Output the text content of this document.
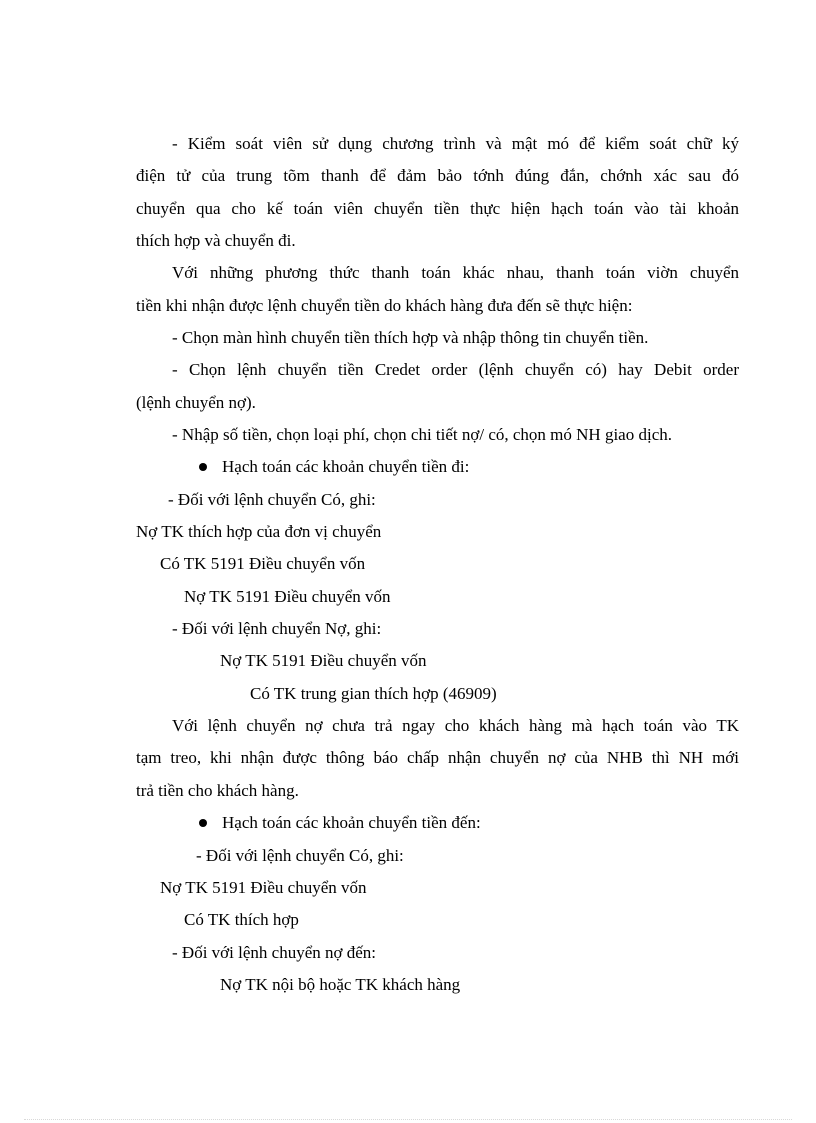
- Kiểm soát viên sử dụng chương trình và mật mó để kiểm soát chữ ký
điện tử của trung tõm thanh để đảm bảo tớnh đúng đắn, chớnh xác sau đó
chuyển qua cho kế toán viên chuyển tiền thực hiện hạch toán vào tài khoản
thích hợp và chuyển đi.
Với những phương thức thanh toán khác nhau, thanh toán viờn chuyển
tiền khi nhận được lệnh chuyển tiền do khách hàng đưa đến sẽ thực hiện:
- Chọn màn hình chuyển tiền thích hợp và nhập thông tin chuyển tiền.
- Chọn lệnh chuyển tiền Credet order (lệnh chuyển có) hay Debit order
(lệnh chuyển nợ).
- Nhập số tiền, chọn loại phí, chọn chi tiết nợ/ có, chọn mó NH giao dịch.
Hạch toán các khoản chuyển tiền đi:
- Đối với lệnh chuyển Có, ghi:
Nợ TK thích hợp của đơn vị chuyển
Có TK 5191 Điều chuyển vốn
Nợ TK 5191 Điều chuyển vốn
- Đối với lệnh chuyển Nợ, ghi:
Nợ TK 5191 Điều chuyển vốn
Có TK trung gian thích hợp (46909)
Với lệnh chuyển nợ chưa trả ngay cho khách hàng mà hạch toán vào TK
tạm treo, khi nhận được thông báo chấp nhận chuyển nợ của NHB thì NH mới
trả tiền cho khách hàng.
Hạch toán các khoản chuyển tiền đến:
- Đối với lệnh chuyển Có, ghi:
Nợ TK 5191 Điều chuyển vốn
Có TK thích hợp
- Đối với lệnh chuyển nợ đến:
Nợ TK nội bộ hoặc TK khách hàng
